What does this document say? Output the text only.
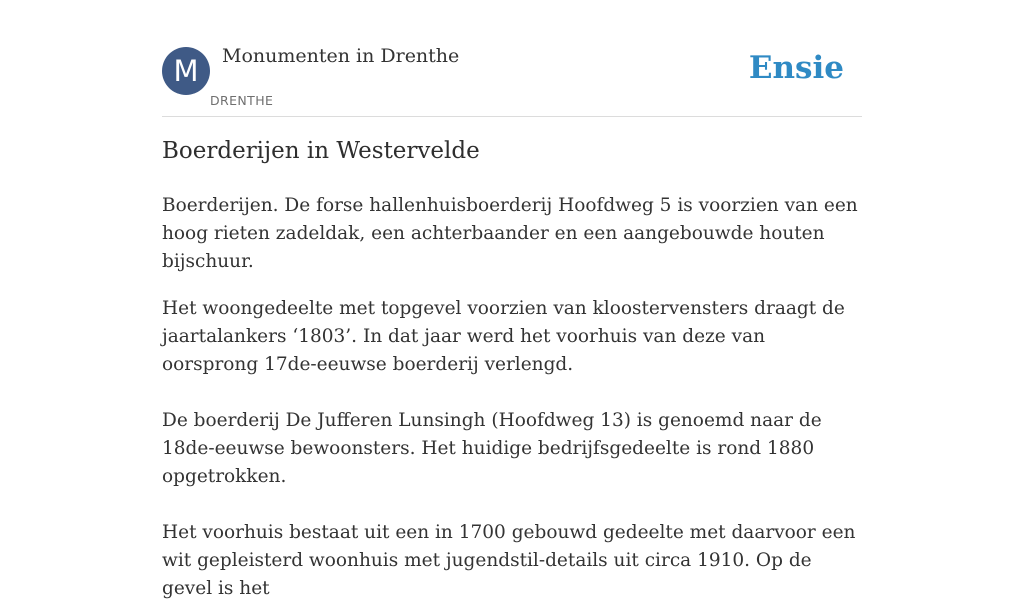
M	Monumenten in Drenthe
DRENTHE
Ensie
Boerderijen in Westervelde

Boerderijen. De forse hallenhuisboerderij Hoofdweg 5 is voorzien van een hoog rieten zadeldak, een achterbaander en een aangebouwde houten bijschuur.

Het woongedeelte met topgevel voorzien van kloostervensters draagt de jaartalankers ‘1803’. In dat jaar werd het voorhuis van deze van oorsprong 17de-eeuwse boerderij verlengd.

De boerderij De Jufferen Lunsingh (Hoofdweg 13) is genoemd naar de 18de-eeuwse bewoonsters. Het huidige bedrijfsgedeelte is rond 1880 opgetrokken.

Het voorhuis bestaat uit een in 1700 gebouwd gedeelte met daarvoor een wit gepleisterd woonhuis met jugendstil-details uit circa 1910. Op de gevel is het
